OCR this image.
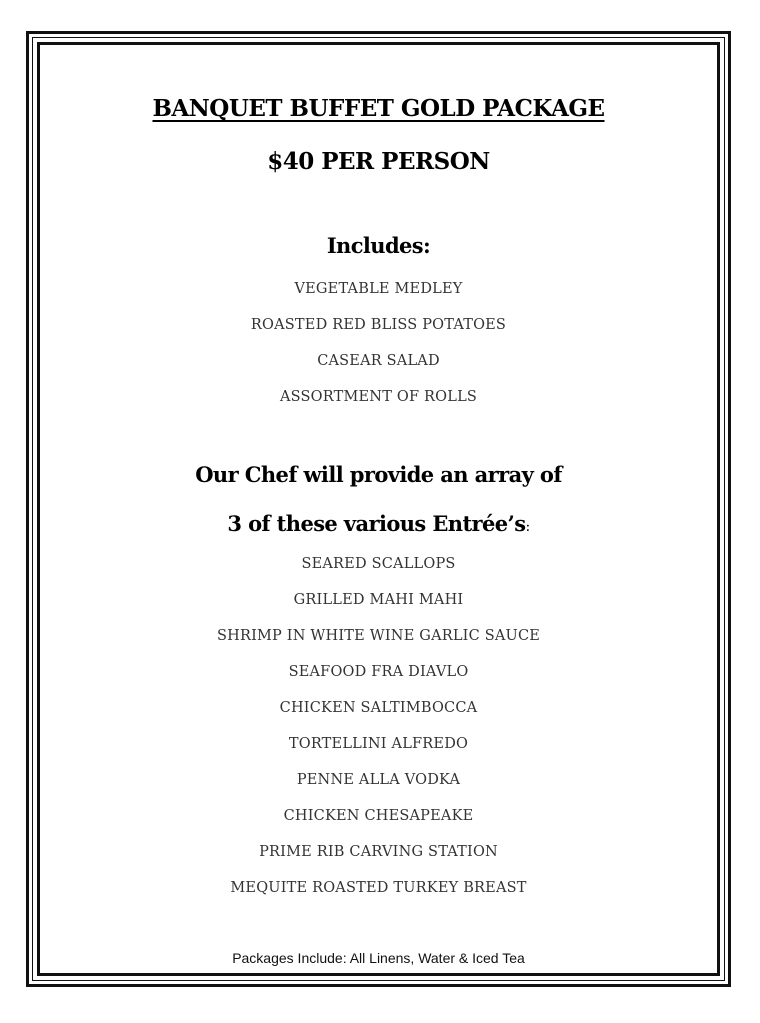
BANQUET BUFFET GOLD PACKAGE
$40 PER PERSON
Includes:
VEGETABLE MEDLEY
ROASTED RED BLISS POTATOES
CASEAR SALAD
ASSORTMENT OF ROLLS
Our Chef will provide an array of
3 of these various Entrée’s:
SEARED SCALLOPS
GRILLED MAHI MAHI
SHRIMP IN WHITE WINE GARLIC SAUCE
SEAFOOD FRA DIAVLO
CHICKEN SALTIMBOCCA
TORTELLINI ALFREDO
PENNE ALLA VODKA
CHICKEN CHESAPEAKE
PRIME RIB CARVING STATION
MEQUITE ROASTED TURKEY BREAST

Packages Include: All Linens, Water & Iced Tea
